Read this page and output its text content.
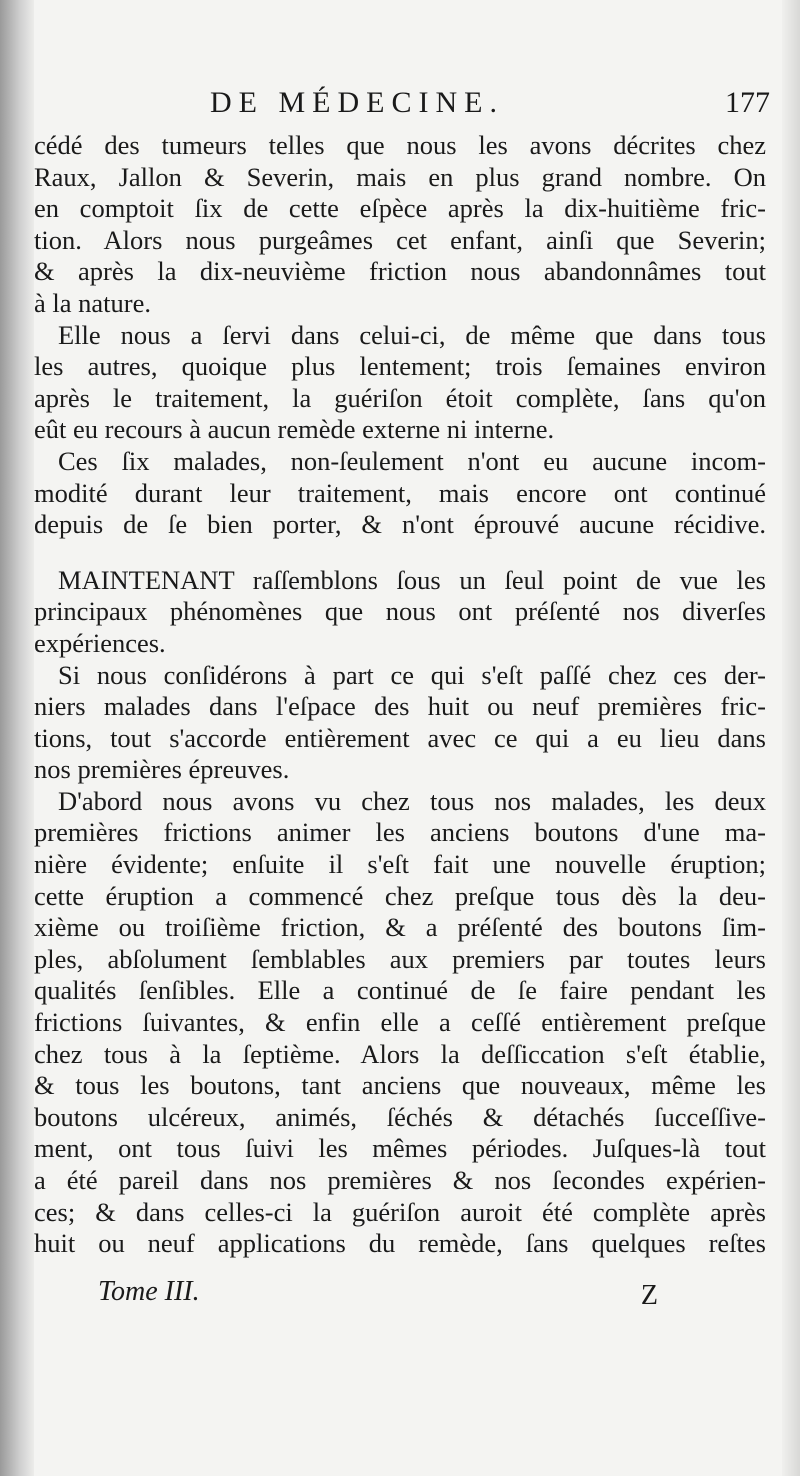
DE MÉDECINE.	177
cédé des tumeurs telles que nous les avons décrites chez
Raux, Jallon & Severin, mais en plus grand nombre. On
en comptoit ſix de cette eſpèce après la dix-huitième fric-
tion. Alors nous purgeâmes cet enfant, ainſi que Severin;
& après la dix-neuvième friction nous abandonnâmes tout
à la nature.
Elle nous a ſervi dans celui-ci, de même que dans tous
les autres, quoique plus lentement; trois ſemaines environ
après le traitement, la guériſon étoit complète, ſans qu'on
eût eu recours à aucun remède externe ni interne.
Ces ſix malades, non-ſeulement n'ont eu aucune incom-
modité durant leur traitement, mais encore ont continué
depuis de ſe bien porter, & n'ont éprouvé aucune récidive.
MAINTENANT raſſemblons ſous un ſeul point de vue les
principaux phénomènes que nous ont préſenté nos diverſes
expériences.
Si nous conſidérons à part ce qui s'eſt paſſé chez ces der-
niers malades dans l'eſpace des huit ou neuf premières fric-
tions, tout s'accorde entièrement avec ce qui a eu lieu dans
nos premières épreuves.
D'abord nous avons vu chez tous nos malades, les deux
premières frictions animer les anciens boutons d'une ma-
nière évidente; enſuite il s'eſt fait une nouvelle éruption;
cette éruption a commencé chez preſque tous dès la deu-
xième ou troiſième friction, & a préſenté des boutons ſim-
ples, abſolument ſemblables aux premiers par toutes leurs
qualités ſenſibles. Elle a continué de ſe faire pendant les
frictions ſuivantes, & enfin elle a ceſſé entièrement preſque
chez tous à la ſeptième. Alors la deſſiccation s'eſt établie,
& tous les boutons, tant anciens que nouveaux, même les
boutons ulcéreux, animés, ſéchés & détachés ſucceſſive-
ment, ont tous ſuivi les mêmes périodes. Juſques-là tout
a été pareil dans nos premières & nos ſecondes expérien-
ces; & dans celles-ci la guériſon auroit été complète après
huit ou neuf applications du remède, ſans quelques reſtes
Tome III.	Z
